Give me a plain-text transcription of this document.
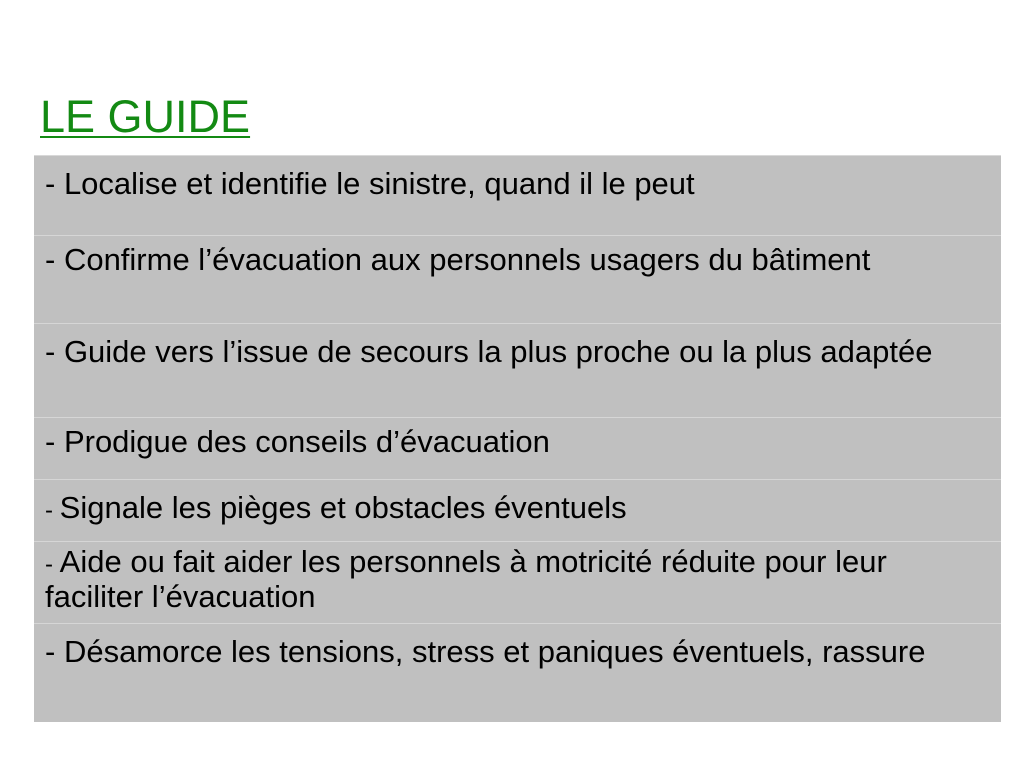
LE GUIDE
- Localise et identifie le sinistre, quand il le peut
- Confirme l’évacuation aux personnels usagers du bâtiment
- Guide vers l’issue de secours la plus proche ou la plus adaptée
- Prodigue des conseils d’évacuation
- Signale les pièges et obstacles éventuels
- Aide ou fait aider les personnels à motricité réduite pour leur faciliter l’évacuation
- Désamorce les tensions, stress et paniques éventuels, rassure
